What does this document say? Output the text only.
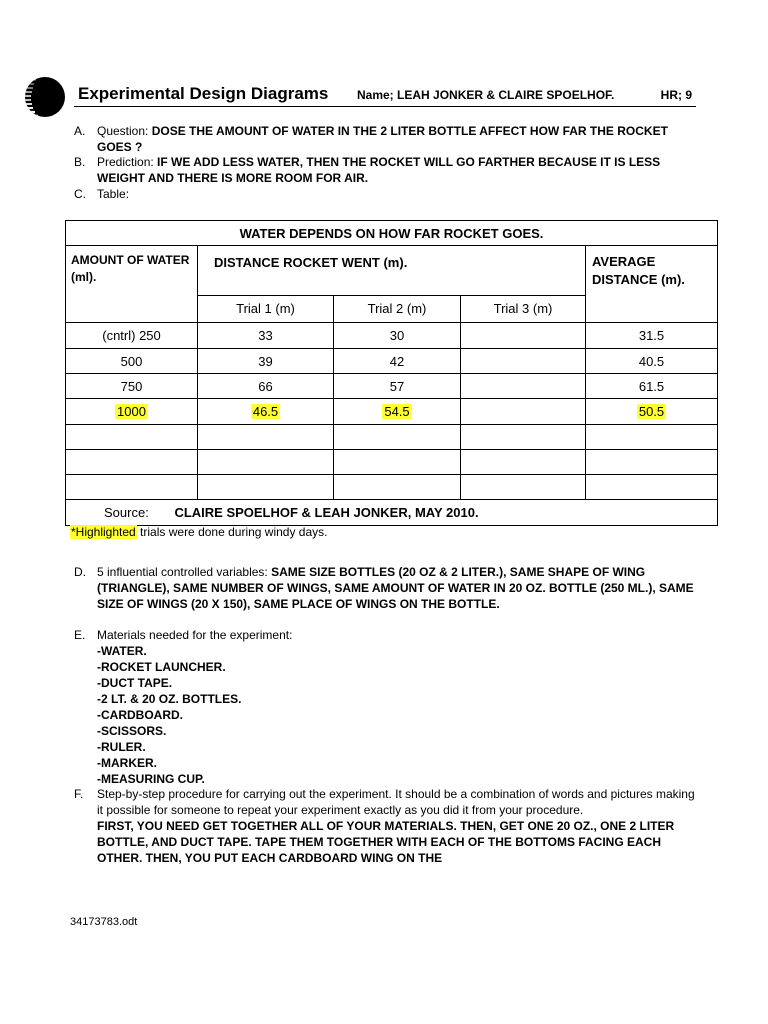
Experimental Design Diagrams Name; LEAH JONKER & CLAIRE SPOELHOF.	HR; 9
A. Question: DOSE THE AMOUNT OF WATER IN THE 2 LITER BOTTLE AFFECT HOW FAR THE ROCKET GOES ?
B. Prediction: IF WE ADD LESS WATER, THEN THE ROCKET WILL GO FARTHER BECAUSE IT IS LESS WEIGHT AND THERE IS MORE ROOM FOR AIR.
C. Table:
WATER DEPENDS ON HOW FAR ROCKET GOES.				
AMOUNT OF WATER (ml).	DISTANCE ROCKET WENT (m).			AVERAGE DISTANCE (m).
	Trial 1 (m)	Trial 2 (m)	Trial 3 (m)	
(cntrl) 250	33	30		31.5
500	39	42		40.5
750	66	57		61.5
1000	46.5	54.5		50.5

Source: CLAIRE SPOELHOF & LEAH JONKER, MAY 2010.				
*Highlighted trials were done during windy days.
D. 5 influential controlled variables: SAME SIZE BOTTLES (20 OZ & 2 LITER.), SAME SHAPE OF WING (TRIANGLE), SAME NUMBER OF WINGS, SAME AMOUNT OF WATER IN 20 OZ. BOTTLE (250 ML.), SAME SIZE OF WINGS (20 X 150), SAME PLACE OF WINGS ON THE BOTTLE.
E. Materials needed for the experiment:
-WATER.
-ROCKET LAUNCHER.
-DUCT TAPE.
-2 LT. & 20 OZ. BOTTLES.
-CARDBOARD.
-SCISSORS.
-RULER.
-MARKER.
-MEASURING CUP.
F.	Step-by-step procedure for carrying out the experiment. It should be a combination of words and pictures making it possible for someone to repeat your experiment exactly as you did it from your procedure.
FIRST, YOU NEED GET TOGETHER ALL OF YOUR MATERIALS. THEN, GET ONE 20 OZ., ONE 2 LITER BOTTLE, AND DUCT TAPE. TAPE THEM TOGETHER WITH EACH OF THE BOTTOMS FACING EACH OTHER. THEN, YOU PUT EACH CARDBOARD WING ON THE
34173783.odt
